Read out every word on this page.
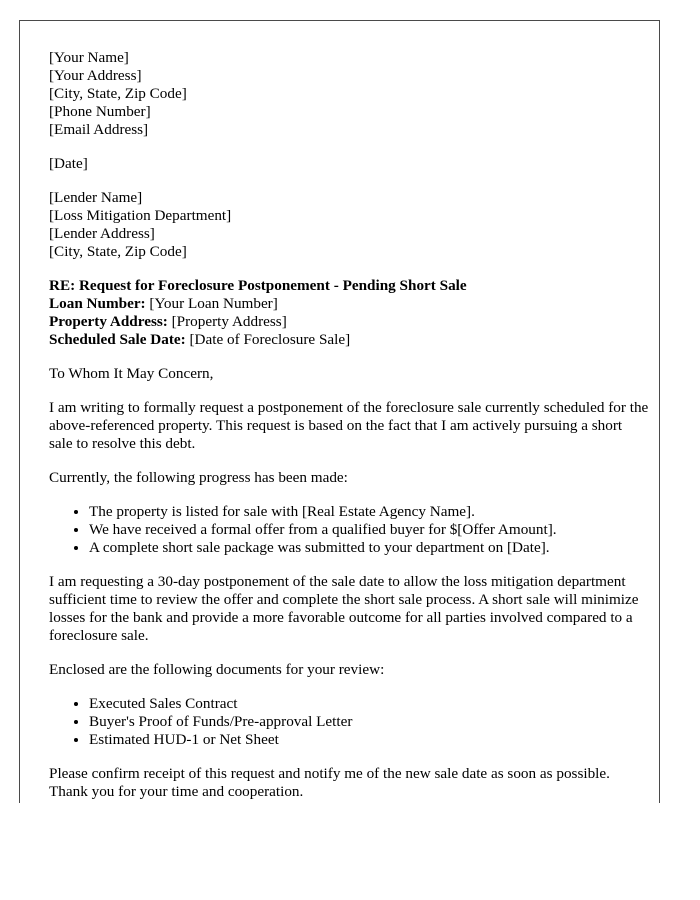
[Your Name]
[Your Address]
[City, State, Zip Code]
[Phone Number]
[Email Address]
[Date]
[Lender Name]
[Loss Mitigation Department]
[Lender Address]
[City, State, Zip Code]
RE: Request for Foreclosure Postponement - Pending Short Sale
Loan Number: [Your Loan Number]
Property Address: [Property Address]
Scheduled Sale Date: [Date of Foreclosure Sale]

To Whom It May Concern,

I am writing to formally request a postponement of the foreclosure sale currently scheduled for the above-referenced property. This request is based on the fact that I am actively pursuing a short sale to resolve this debt.

Currently, the following progress has been made:

• The property is listed for sale with [Real Estate Agency Name].
• We have received a formal offer from a qualified buyer for $[Offer Amount].
• A complete short sale package was submitted to your department on [Date].

I am requesting a 30-day postponement of the sale date to allow the loss mitigation department sufficient time to review the offer and complete the short sale process. A short sale will minimize losses for the bank and provide a more favorable outcome for all parties involved compared to a foreclosure sale.

Enclosed are the following documents for your review:

• Executed Sales Contract
• Buyer's Proof of Funds/Pre-approval Letter
• Estimated HUD-1 or Net Sheet

Please confirm receipt of this request and notify me of the new sale date as soon as possible. Thank you for your time and cooperation.
